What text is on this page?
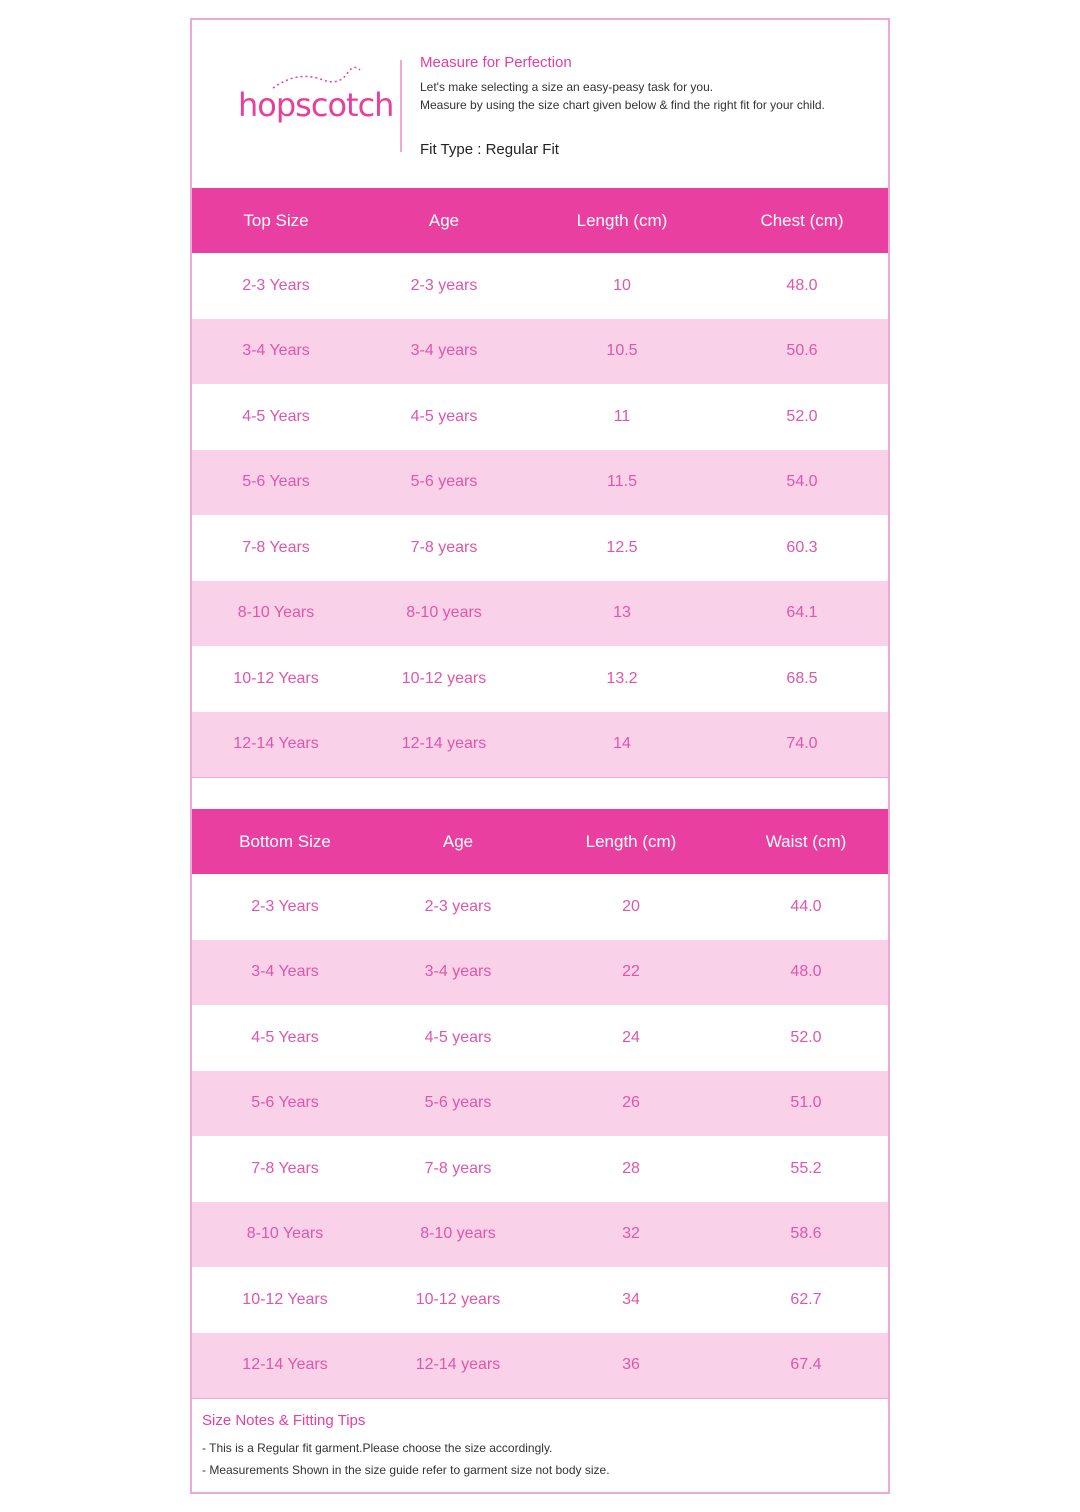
hopscotch
Measure for Perfection
Let's make selecting a size an easy-peasy task for you.
Measure by using the size chart given below & find the right fit for your child.
Fit Type : Regular Fit
Top Size	Age	Length (cm)	Chest (cm)
2-3 Years	2-3 years	10	48.0
3-4 Years	3-4 years	10.5	50.6
4-5 Years	4-5 years	11	52.0
5-6 Years	5-6 years	11.5	54.0
7-8 Years	7-8 years	12.5	60.3
8-10 Years	8-10 years	13	64.1
10-12 Years	10-12 years	13.2	68.5
12-14 Years	12-14 years	14	74.0
Bottom Size	Age	Length (cm)	Waist (cm)
2-3 Years	2-3 years	20	44.0
3-4 Years	3-4 years	22	48.0
4-5 Years	4-5 years	24	52.0
5-6 Years	5-6 years	26	51.0
7-8 Years	7-8 years	28	55.2
8-10 Years	8-10 years	32	58.6
10-12 Years	10-12 years	34	62.7
12-14 Years	12-14 years	36	67.4
Size Notes & Fitting Tips
- This is a Regular fit garment.Please choose the size accordingly.
- Measurements Shown in the size guide refer to garment size not body size.
